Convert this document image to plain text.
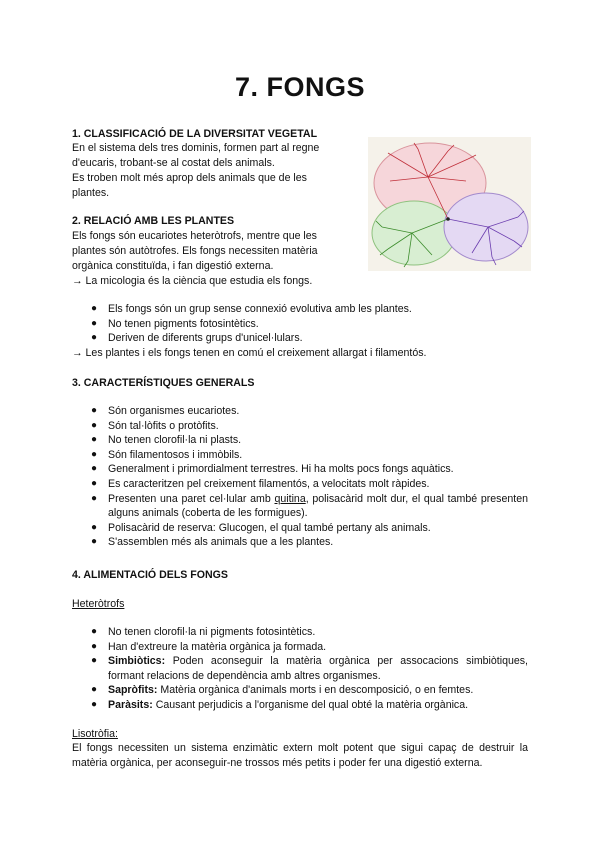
7. FONGS
1. CLASSIFICACIÓ DE LA DIVERSITAT VEGETAL
En el sistema dels tres dominis, formen part al regne
d'eucaris, trobant-se al costat dels animals.
Es troben molt més aprop dels animals que de les
plantes.
2. RELACIÓ AMB LES PLANTES
Els fongs són eucariotes heteròtrofs, mentre que les
plantes són autòtrofes. Els fongs necessiten matèria
orgànica constituïda, i fan digestió externa.
→ La micologia és la ciència que estudia els fongs.
● Els fongs són un grup sense connexió evolutiva amb les plantes.
● No tenen pigments fotosintètics.
● Deriven de diferents grups d'unicel·lulars.
→ Les plantes i els fongs tenen en comú el creixement allargat i filamentós.
3. CARACTERÍSTIQUES GENERALS
● Són organismes eucariotes.
● Són tal·lòfits o protòfits.
● No tenen clorofil·la ni plasts.
● Són filamentosos i immòbils.
● Generalment i primordialment terrestres. Hi ha molts pocs fongs aquàtics.
● Es caracteritzen pel creixement filamentós, a velocitats molt ràpides.
● Presenten una paret cel·lular amb quitina, polisacàrid molt dur, el qual també presenten alguns animals (coberta de les formigues).
● Polisacàrid de reserva: Glucogen, el qual també pertany als animals.
● S'assemblen més als animals que a les plantes.
4. ALIMENTACIÓ DELS FONGS
Heteròtrofs
● No tenen clorofil·la ni pigments fotosintètics.
● Han d'extreure la matèria orgànica ja formada.
● Simbiòtics: Poden aconseguir la matèria orgànica per assocacions simbiòtiques, formant relacions de dependència amb altres organismes.
● Sapròfits: Matèria orgànica d'animals morts i en descomposició, o en femtes.
● Paràsits: Causant perjudicis a l'organisme del qual obté la matèria orgànica.
Lisotròfia:
El fongs necessiten un sistema enzimàtic extern molt potent que sigui capaç de destruir la matèria orgànica, per aconseguir-ne trossos més petits i poder fer una digestió externa.
